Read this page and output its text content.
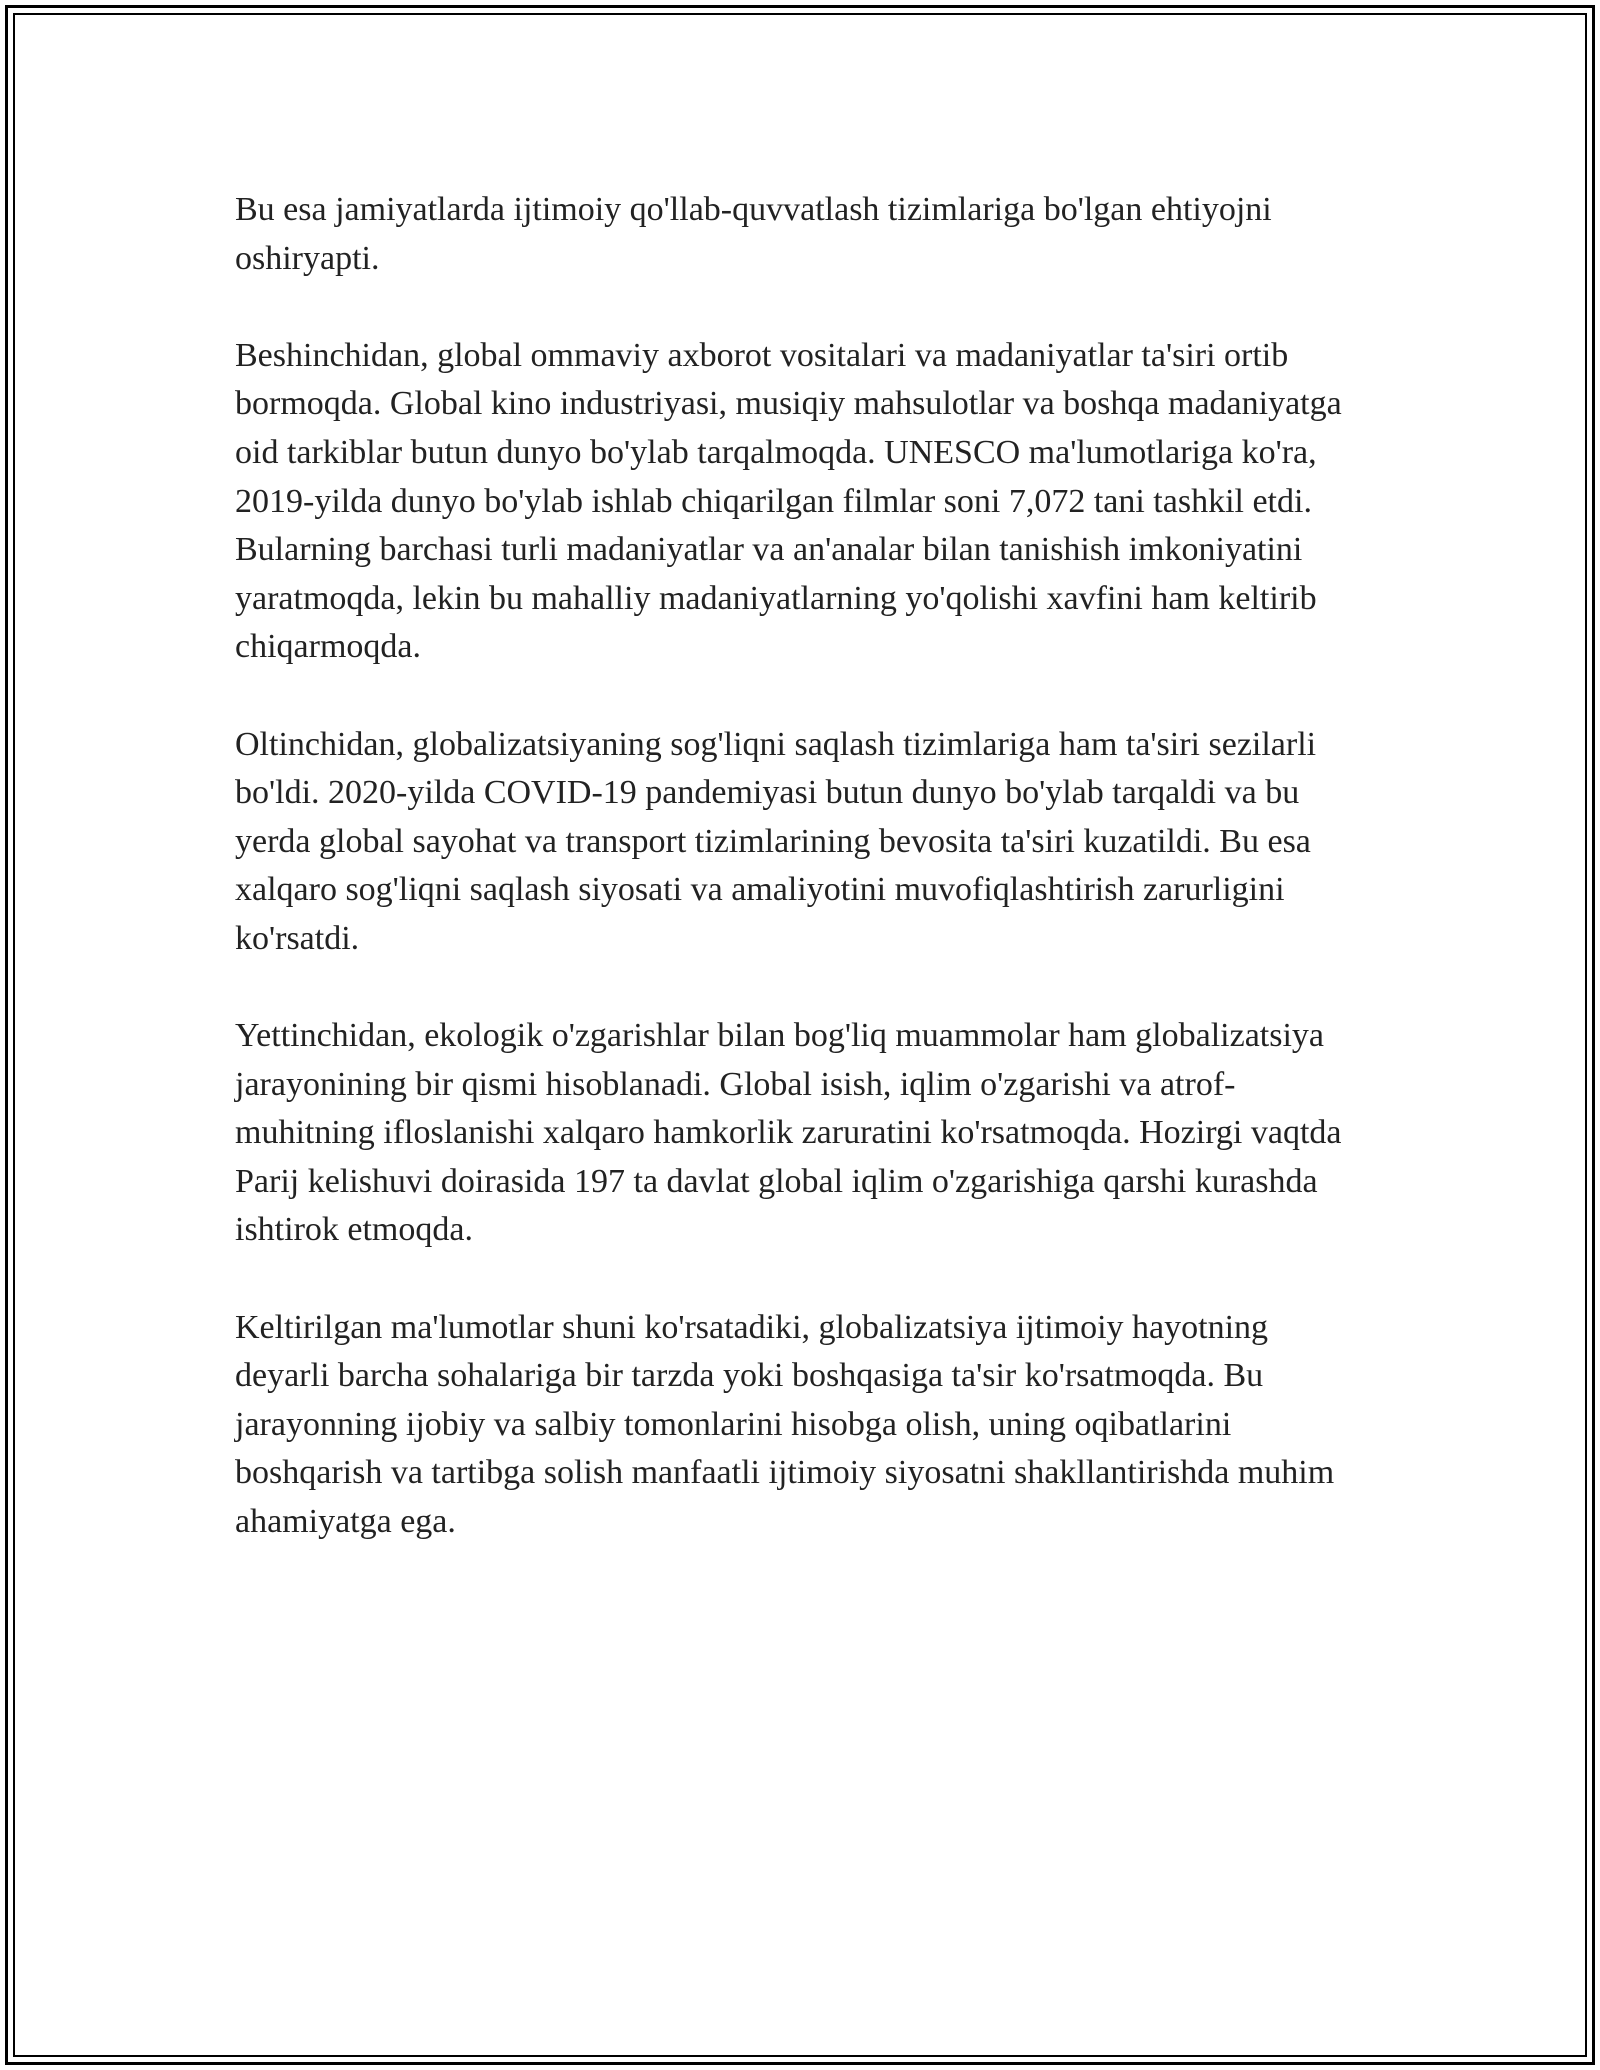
Bu esa jamiyatlarda ijtimoiy qo'llab-quvvatlash tizimlariga bo'lgan ehtiyojni oshiryapti.

Beshinchidan, global ommaviy axborot vositalari va madaniyatlar ta'siri ortib bormoqda. Global kino industriyasi, musiqiy mahsulotlar va boshqa madaniyatga oid tarkiblar butun dunyo bo'ylab tarqalmoqda. UNESCO ma'lumotlariga ko'ra, 2019-yilda dunyo bo'ylab ishlab chiqarilgan filmlar soni 7,072 tani tashkil etdi. Bularning barchasi turli madaniyatlar va an'analar bilan tanishish imkoniyatini yaratmoqda, lekin bu mahalliy madaniyatlarning yo'qolishi xavfini ham keltirib chiqarmoqda.

Oltinchidan, globalizatsiyaning sog'liqni saqlash tizimlariga ham ta'siri sezilarli bo'ldi. 2020-yilda COVID-19 pandemiyasi butun dunyo bo'ylab tarqaldi va bu yerda global sayohat va transport tizimlarining bevosita ta'siri kuzatildi. Bu esa xalqaro sog'liqni saqlash siyosati va amaliyotini muvofiqlashtirish zarurligini ko'rsatdi.

Yettinchidan, ekologik o'zgarishlar bilan bog'liq muammolar ham globalizatsiya jarayonining bir qismi hisoblanadi. Global isish, iqlim o'zgarishi va atrof-muhitning ifloslanishi xalqaro hamkorlik zaruratini ko'rsatmoqda. Hozirgi vaqtda Parij kelishuvi doirasida 197 ta davlat global iqlim o'zgarishiga qarshi kurashda ishtirok etmoqda.

Keltirilgan ma'lumotlar shuni ko'rsatadiki, globalizatsiya ijtimoiy hayotning deyarli barcha sohalariga bir tarzda yoki boshqasiga ta'sir ko'rsatmoqda. Bu jarayonning ijobiy va salbiy tomonlarini hisobga olish, uning oqibatlarini boshqarish va tartibga solish manfaatli ijtimoiy siyosatni shakllantirishda muhim ahamiyatga ega.
